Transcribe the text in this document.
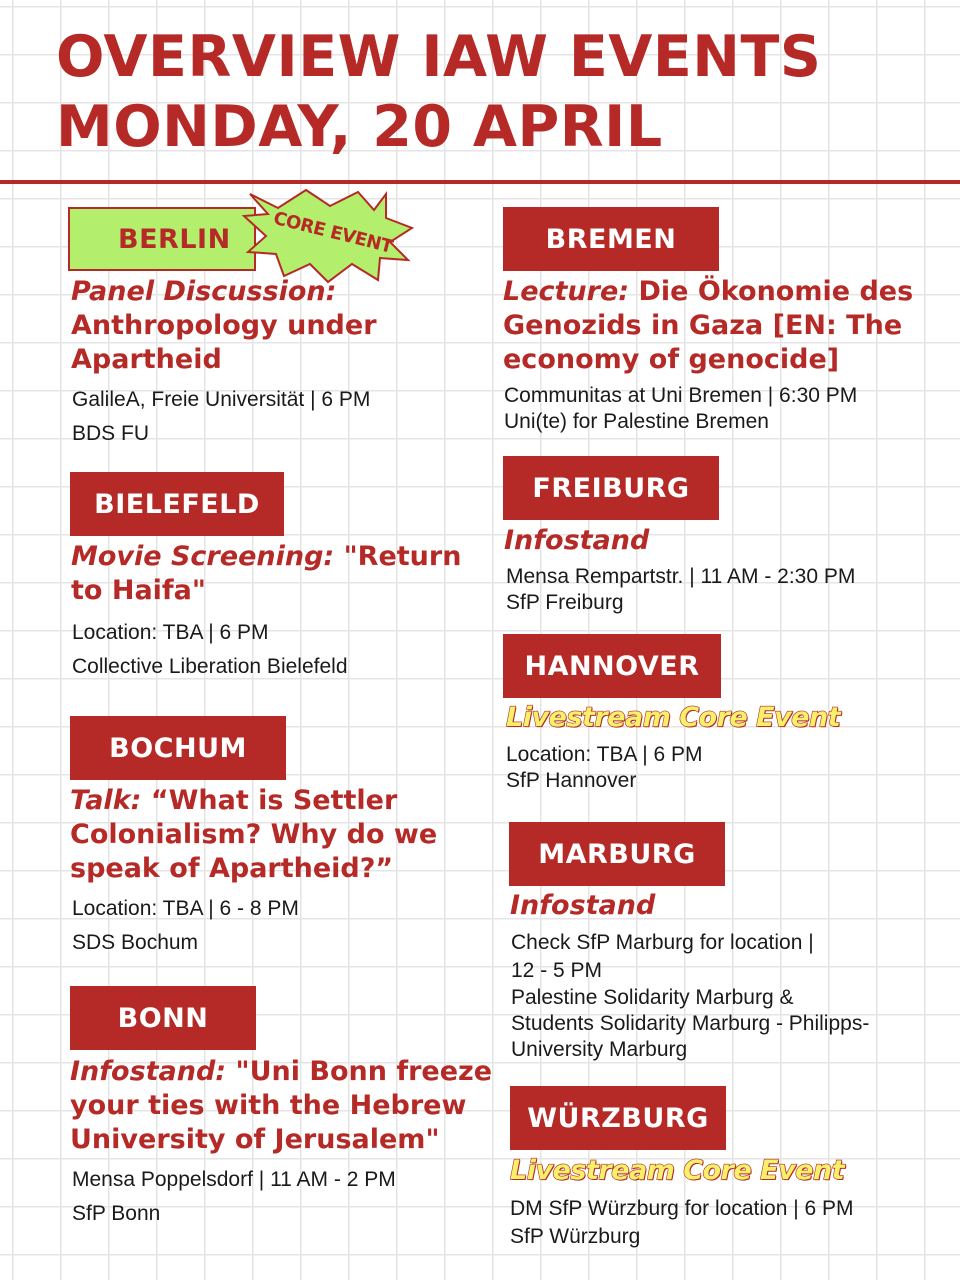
OVERVIEW IAW EVENTS
MONDAY, 20 APRIL
BERLIN CORE EVENT
Panel Discussion:
Anthropology under
Apartheid
GalileA, Freie Universität | 6 PM
BDS FU
BIELEFELD
Movie Screening: "Return
to Haifa"
Location: TBA | 6 PM
Collective Liberation Bielefeld
BOCHUM
Talk: “What is Settler
Colonialism? Why do we
speak of Apartheid?”
Location: TBA | 6 - 8 PM
SDS Bochum
BONN
Infostand: "Uni Bonn freeze
your ties with the Hebrew
University of Jerusalem"
Mensa Poppelsdorf | 11 AM - 2 PM
SfP Bonn
BREMEN
Lecture: Die Ökonomie des
Genozids in Gaza [EN: The
economy of genocide]
Communitas at Uni Bremen | 6:30 PM
Uni(te) for Palestine Bremen
FREIBURG
Infostand
Mensa Rempartstr. | 11 AM - 2:30 PM
SfP Freiburg
HANNOVER
Livestream Core Event
Location: TBA | 6 PM
SfP Hannover
MARBURG
Infostand
Check SfP Marburg for location |
12 - 5 PM
Palestine Solidarity Marburg &
Students Solidarity Marburg - Philipps-
University Marburg
WÜRZBURG
Livestream Core Event
DM SfP Würzburg for location | 6 PM
SfP Würzburg
